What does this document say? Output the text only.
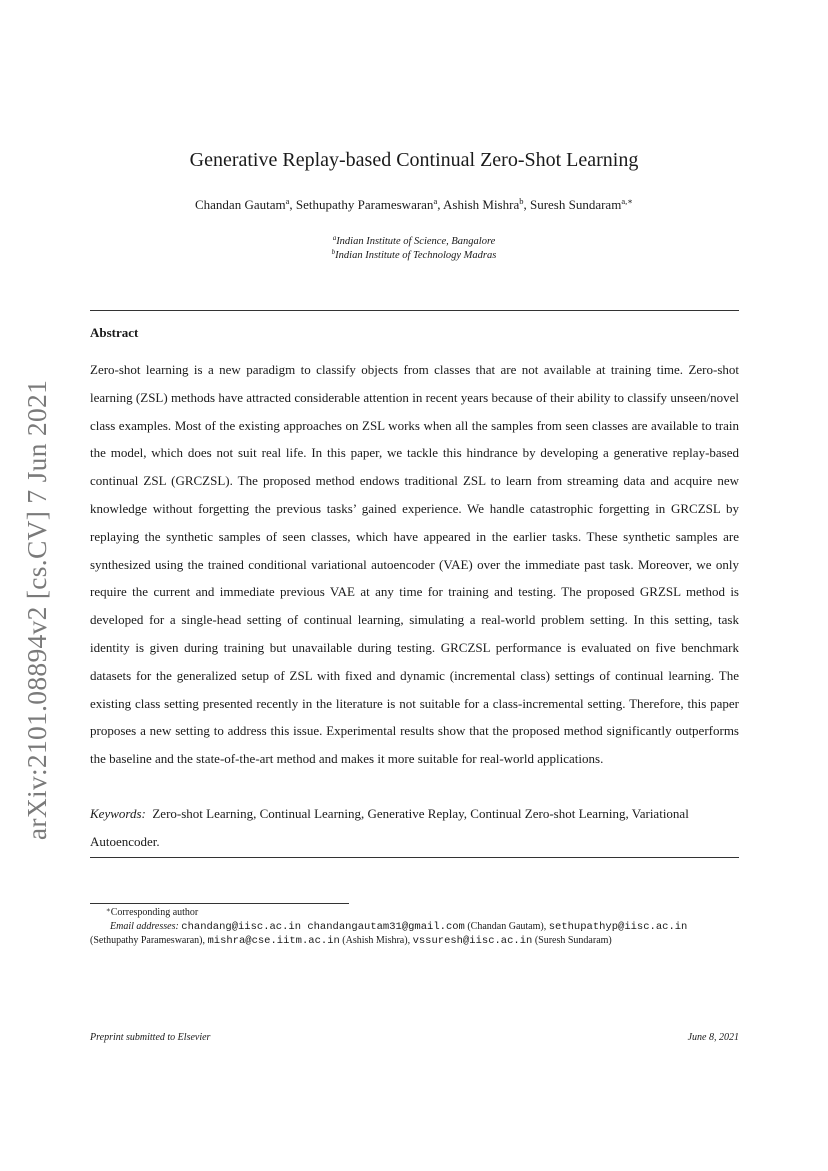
arXiv:2101.08894v2 [cs.CV] 7 Jun 2021
Generative Replay-based Continual Zero-Shot Learning
Chandan Gautam$^a$, Sethupathy Parameswaran$^a$, Ashish Mishra$^b$, Suresh Sundaram$^{a,∗}$
$^a$Indian Institute of Science, Bangalore
$^b$Indian Institute of Technology Madras
Abstract

Zero-shot learning is a new paradigm to classify objects from classes that are not available at training time. Zero-shot learning (ZSL) methods have attracted considerable attention in recent years because of their ability to classify unseen/novel class examples. Most of the existing approaches on ZSL works when all the samples from seen classes are available to train the model, which does not suit real life. In this paper, we tackle this hindrance by developing a generative replay-based continual ZSL (GRCZSL). The proposed method endows traditional ZSL to learn from streaming data and acquire new knowledge without forgetting the previous tasks’ gained experience. We handle catastrophic forgetting in GRCZSL by replaying the synthetic samples of seen classes, which have appeared in the earlier tasks. These synthetic samples are synthesized using the trained conditional variational autoencoder (VAE) over the immediate past task. Moreover, we only require the current and immediate previous VAE at any time for training and testing. The proposed GRZSL method is developed for a single-head setting of continual learning, simulating a real-world problem setting. In this setting, task identity is given during training but unavailable during testing. GRCZSL performance is evaluated on five benchmark datasets for the generalized setup of ZSL with fixed and dynamic (incremental class) settings of continual learning. The existing class setting presented recently in the literature is not suitable for a class-incremental setting. Therefore, this paper proposes a new setting to address this issue. Experimental results show that the proposed method significantly outperforms the baseline and the state-of-the-art method and makes it more suitable for real-world applications.

Keywords: Zero-shot Learning, Continual Learning, Generative Replay, Continual Zero-shot Learning, Variational Autoencoder.

∗Corresponding author
Email addresses: chandang@iisc.ac.in chandangautam31@gmail.com (Chandan Gautam), sethupathyp@iisc.ac.in
(Sethupathy Parameswaran), mishra@cse.iitm.ac.in (Ashish Mishra), vssuresh@iisc.ac.in (Suresh Sundaram)
Preprint submitted to Elsevier	June 8, 2021
